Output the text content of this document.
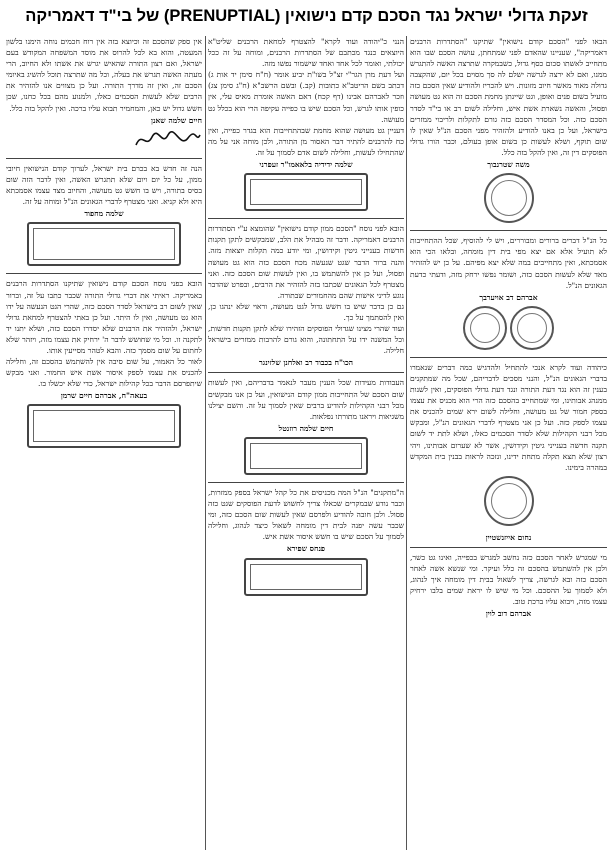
זעקת גדולי ישראל נגד הסכם קדם נישואין (PRENUPTIAL) של בי"ד דאמריקה

הבאו לפני "הסכם קודם נישואין" שתיקנו "הסתדרות הרבנים דאמריקה", שעניינו שהאדם לפני שמתחתן, עושה הסכם שבו הוא מתחייב לאשתו סכום כסף גדול, כשבמקרה שתרצה האשה להתגרש ממנו, ואם לא ירצה לגרשה ישלם לה סך מסוים בכל יום, שהקצבה גדולה מאוד מאשר חיוב מזונות. ויש להכריז ולהודיע שאין הסכם כזה מועיל בשום פנים ואופן, וגט שיינתן מחמת הסכם זה הוא גט מעושה ופסול, והאשה נשארת אשת איש, וחלילה לשום רב או בי"ד לסדר הסכם כזה. וכל המסדר הסכם כזה גורם לתקלות ולריבוי ממזרים בישראל, ועל כן באנו להודיע ולהזהיר מפני הסכם הנ"ל שאין לו שום תוקף, ושלא לעשות כן בשום אופן בעולם, וכבר הורו גדולי הפוסקים דין זה, ואין להקל בזה כלל.

משה שטרנבוך

כל הנ"ל דברים ברורים ומבוררים, ויש לי להוסיף, שכל ההתחייבות לא תועיל אלא אם יצא מפי בית דין מומחה, ובלאו הכי הוא אסמכתא, ואין מתחייבים במה שלא יצא מפיהם. על כן יש להזהיר מאד שלא לעשות הסכם כזה, ושומר נפשו ירחק מזה, ודעתי כדעת הגאונים הנ"ל.

אברהם דב אויערבך

כיהודה ועוד לקרא אנכי להתחיל ולהדגיש כמה דברים שנאמרו בדברי הגאונים הנ"ל, והנני מסכים לדבריהם, שכל מה שמתקנים בענין זה הוא נגד דעת התורה ונגד דעת גדולי הפוסקים, ואין לשנות ממנהג אבותינו, ומי שמתחייב בהסכם כזה הרי הוא מכניס את עצמו בספק חמור של גט מעושה, וחלילה לשום ירא שמים להכניס את עצמו לספק כזה. ועל כן אני מצטרף לדברי הגאונים הנ"ל, ומבקש מכל רבני הקהילות שלא לסדר הסכמים כאלו, ושלא לתת יד לשום תקנה חדשה בענייני גיטין וקידושין, אשר לא שערום אבותינו, ויהי רצון שלא תצא תקלה מתחת ידינו, ונזכה לראות בבנין בית המקדש במהרה בימינו.

נחום אייזנשטיין

מי שמגרש לאחר הסכם כזה נחשב למגרש בכפייה, ואינו גט כשר, ולכן אין להשתמש בהסכם זה כלל ועיקר. ומי שנשא אשה לאחר הסכם כזה ובא לגרשה, צריך לשאול בבית דין מומחה איך לנהוג, ולא לסמוך על ההסכם. וכל מי שיש לו יראת שמים בלבו ירחיק עצמו מזה, ויבוא עליו ברכת טוב.

אברהם דוב לוין

הנני כ"יהודה ועוד לקרא" להצטרף למחאת הרבנים שליט"א היוצאים כנגד מכתבם של הסתדרות הרבנים, ומוחה על זה ככל יכולתי, ואומר לכל אחד ואחד שישמור נפשו מזה.

ועל דעת מרן הגר"י זצ"ל בשו"ת יביע אומר (ח"ח סימן יד אות ג) דכתב בשם הריטב"א כתובות (קב.) ובשם הרשב"א (ח"ג סימן צג) וזכר לאברהם אבינו (דף קכח) דאם האשה אומרת מאיס עלי, אין כופין אותו לגרש, וכל הסכם שיש בו כפייה עקיפה הרי הוא בכלל גט מעושה.

דעניין גט מעושה שהוא מחמת שבהתחייבות הוא בגדר כפייה, ואין כח להרבנים להתיר דבר האסור מן התורה, ולכן מוחה אני על מה שהתחילו לעשות, וחלילה לשום אדם לסמוך על זה.

שלמה ידידיה בלאאמו"ר זעפרני

הובא לפני נוסח "הסכם ממון קודם נישואין" שהומצא ע"י הסתדרות הרבנים דאמריקה. ודבר זה מבהיל את הלב, שמבקשים לתקן תקנות חדשות בענייני גיטין וקידושין, ומי יודע כמה תקלות יוצאות מזה. והנה ברור הדבר שגט שנעשה מכח הסכם כזה הוא גט מעושה ופסול, ועל כן אין להשתמש בו, ואין לעשות שום הסכם כזה. ואני מצטרף לכל הגאונים שכתבו בזה להזהיר את הרבים, ובפרט שהדבר נוגע לדיני אישות שהם מהחמורים שבתורה.

גם כן בדבר שיש בו חשש גדול לגט מעושה, וראוי שלא ינהגו כן, ואין להסתמך על כך.

ועוד שהרי מצינו שגדולי הפוסקים הזהירו שלא לתקן תקנות חדשות, וכל המשנה ידו על התחתונה, והוא גורם להרבות ממזרים בישראל חלילה.

הכו"ח בכבוד רב ואלחנן שלזינגר

העבודות מעידות שכל הענין מעבר לנאמר בדבריהם, ואין לעשות שום הסכם של התחייבות ממון קודם הנישואין, ועל כן אנו מבקשים מכל רבני הקהילות להודיע ברבים שאין לסמוך על זה. והשם יצילנו משגיאות ויראנו מתורתו נפלאות.

חיים שלמה רוזנטל

ה"מתקנים" הנ"ל המה מכניסים את כל קהל ישראל בספק ממזרות, וכבר נודע שבמקרים שכאלו צריך לחשוש לדעת הפוסקים שגט כזה פסול. ולכן חובה להודיע ולפרסם שאין לעשות שום הסכם כזה, ומי שכבר עשה יפנה לבית דין מומחה לשאול כיצד לנהוג, וחלילה לסמוך על הסכם שיש בו חשש איסור אשת איש.

פנחס שפירא

אין ספק שהסכם זה וכיוצא בזה אין רוח חכמים נוחה הימנו בלשון המעטה, והוא בא לכל להרוס את מוסד המשפחה המקודש בעם ישראל, ואם רצון התורה שהאיש יגרש את אשתו ולא החיוב, הרי מעתה האשה תגרש את בעלה, וכל מה שתרצה תוכל להשיג באיומי הסכם זה, ואין זה מדרך התורה. ועל כן מצווים אנו להזהיר את הרבים שלא לעשות הסכמים כאלו, ולמנוע מהם בכל כחנו, שכן חשש גדול יש כאן, והמחמיר תבוא עליו ברכה. ואין להקל בזה כלל.

חיים שלמה שאנן

הנה זה חדש בא בכרם בית ישראל, לערוך קודם הנישואין חיובי ממון, על כל יום ויום שלא תתגרש האשה, ואין לדבר הזה שום בסיס בתורה, ויש בו חשש גט מעושה, והחיוב מצד עצמו אסמכתא היא ולא קניא. ואני מצטרף לדברי הגאונים הנ"ל ומוחה על זה.

שלמה מחפוד

הובא בפני נוסח הסכם קודם נישואין שתיקנו הסתדרות הרבנים באמריקה. ראיתי את דברי גדולי התורה שכבר כתבו על זה, וברור שאין לשום רב בישראל לסדר הסכם כזה, שהרי הגט הנעשה על ידו הוא גט מעושה, ואין לו היתר. ועל כן באתי להצטרף למחאת גדולי ישראל, ולהזהיר את הרבנים שלא יסדרו הסכם כזה, ושלא יתנו יד לתקנה זו. וכל מי שחושש לדבר ה' ירחיק את עצמו מזה, ויזהר שלא לחתום על שום מסמך כזה. והבא לטהר מסייעין אותו.

לאור כל האמור, על שום סיבה אין להשתמש בהסכם זה, וחלילה להכניס את עצמו לספק איסור אשת איש החמור. ואני מבקש שיתפרסם הדבר בכל קהילות ישראל, כדי שלא יכשלו בו.

בעאה"ח, אברהם חיים שרמן
